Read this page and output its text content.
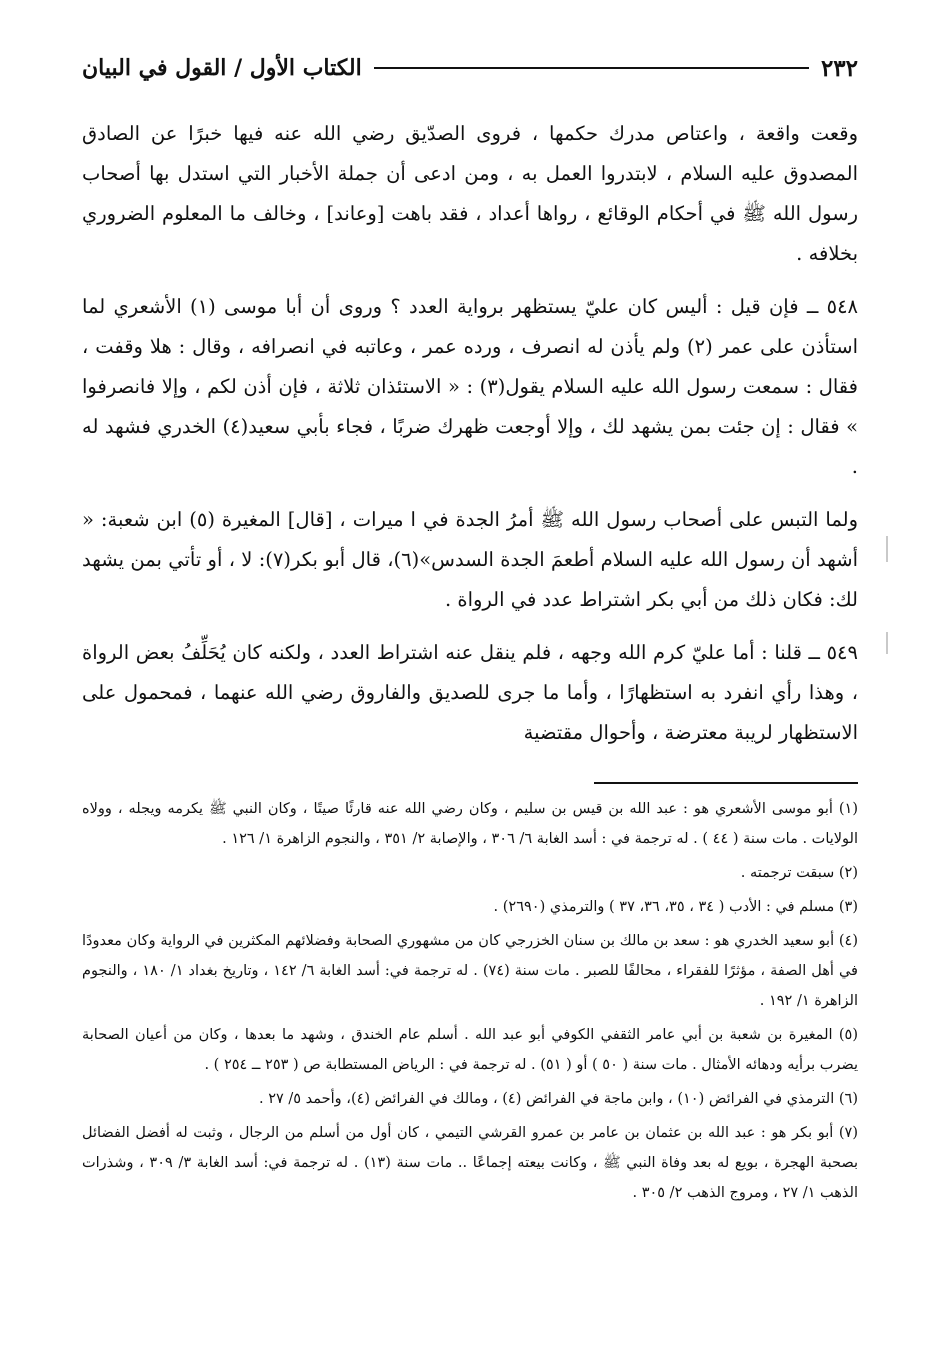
٢٣٢
الكتاب الأول / القول في البيان

وقعت واقعة ، واعتاص مدرك حكمها ، فروى الصدّيق رضي الله عنه فيها خبرًا عن الصادق المصدوق عليه السلام ، لابتدروا العمل به ، ومن ادعى أن جملة الأخبار التي استدل بها أصحاب رسول الله ﷺ في أحكام الوقائع ، رواها أعداد ، فقد باهت [وعاند] ، وخالف ما المعلوم الضروري بخلافه .

٥٤٨ ــ فإن قيل : أليس كان عليّ يستظهر برواية العدد ؟ وروى أن أبا موسى (١) الأشعري لما استأذن على عمر (٢) ولم يأذن له انصرف ، ورده عمر ، وعاتبه في انصرافه ، وقال : هلا وقفت ، فقال : سمعت رسول الله عليه السلام يقول(٣) : « الاستئذان ثلاثة ، فإن أذن لكم ، وإلا فانصرفوا » فقال : إن جئت بمن يشهد لك ، وإلا أوجعت ظهرك ضربًا ، فجاء بأبي سعيد(٤) الخدري فشهد له .

ولما التبس على أصحاب رسول الله ﷺ أمرُ الجدة في ا ميرات ، [قال] المغيرة (٥) ابن شعبة: « أشهد أن رسول الله عليه السلام أطعمَ الجدة السدس»(٦)، قال أبو بكر(٧): لا ، أو تأتي بمن يشهد لك: فكان ذلك من أبي بكر اشتراط عدد في الرواة .

٥٤٩ ــ قلنا : أما عليّ كرم الله وجهه ، فلم ينقل عنه اشتراط العدد ، ولكنه كان يُحَلِّفُ بعض الرواة ، وهذا رأي انفرد به استظهارًا ، وأما ما جرى للصديق والفاروق رضي الله عنهما ، فمحمول على الاستظهار لريبة معترضة ، وأحوال مقتضية

(١) أبو موسى الأشعري هو : عبد الله بن قيس بن سليم ، وكان رضي الله عنه قارئًا صيتًا ، وكان النبي ﷺ يكرمه ويجله ، وولاه الولايات . مات سنة ( ٤٤ ) . له ترجمة في : أسد الغابة ٦/ ٣٠٦ ، والإصابة ٢/ ٣٥١ ، والنجوم الزاهرة ١/ ١٢٦ .

(٢) سبقت ترجمته .

(٣) مسلم في : الأدب ( ٣٤ ، ٣٥، ٣٦، ٣٧ ) والترمذي (٢٦٩٠) .

(٤) أبو سعيد الخدري هو : سعد بن مالك بن سنان الخزرجي كان من مشهوري الصحابة وفضلائهم المكثرين في الرواية وكان معدودًا في أهل الصفة ، مؤثرًا للفقراء ، محالفًا للصبر . مات سنة (٧٤) . له ترجمة في: أسد الغابة ٦/ ١٤٢ ، وتاريخ بغداد ١/ ١٨٠ ، والنجوم الزاهرة ١/ ١٩٢ .

(٥) المغيرة بن شعبة بن أبي عامر الثقفي الكوفي أبو عبد الله . أسلم عام الخندق ، وشهد ما بعدها ، وكان من أعيان الصحابة يضرب برأيه ودهائه الأمثال . مات سنة ( ٥٠ ) أو ( ٥١) . له ترجمة في : الرياض المستطابة ص ( ٢٥٣ ــ ٢٥٤ ) .

(٦) الترمذي في الفرائض (١٠) ، وابن ماجة في الفرائض (٤) ، ومالك في الفرائض (٤)، وأحمد ٥/ ٢٧ .

(٧) أبو بكر هو : عبد الله بن عثمان بن عامر بن عمرو القرشي التيمي ، كان أول من أسلم من الرجال ، وثبت له أفضل الفضائل بصحبة الهجرة ، بويع له بعد وفاة النبي ﷺ ، وكانت بيعته إجماعًا .. مات سنة (١٣) . له ترجمة في: أسد الغابة ٣/ ٣٠٩ ، وشذرات الذهب ١/ ٢٧ ، ومروج الذهب ٢/ ٣٠٥ .
